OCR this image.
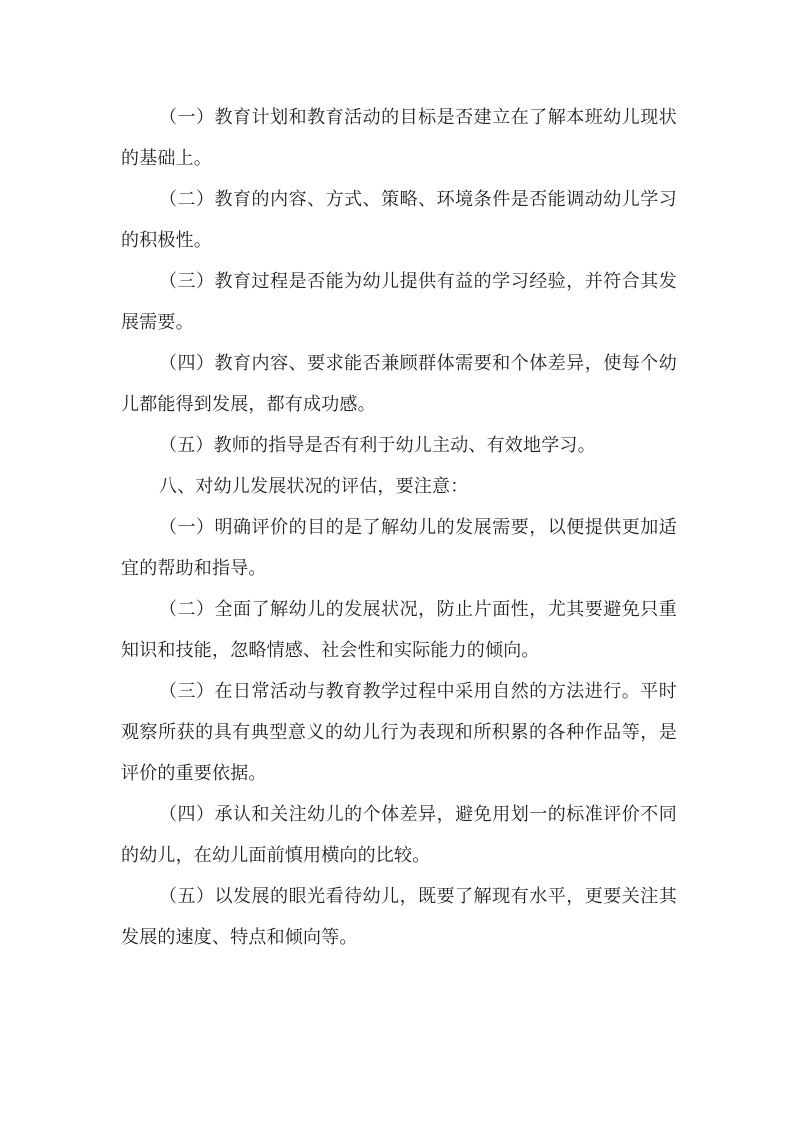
（一）教育计划和教育活动的目标是否建立在了解本班幼儿现状的基础上。

（二）教育的内容、方式、策略、环境条件是否能调动幼儿学习的积极性。

（三）教育过程是否能为幼儿提供有益的学习经验，并符合其发展需要。

（四）教育内容、要求能否兼顾群体需要和个体差异，使每个幼儿都能得到发展，都有成功感。

（五）教师的指导是否有利于幼儿主动、有效地学习。

八、对幼儿发展状况的评估，要注意：

（一）明确评价的目的是了解幼儿的发展需要，以便提供更加适宜的帮助和指导。

（二）全面了解幼儿的发展状况，防止片面性，尤其要避免只重知识和技能，忽略情感、社会性和实际能力的倾向。

（三）在日常活动与教育教学过程中采用自然的方法进行。平时观察所获的具有典型意义的幼儿行为表现和所积累的各种作品等，是评价的重要依据。

（四）承认和关注幼儿的个体差异，避免用划一的标准评价不同的幼儿，在幼儿面前慎用横向的比较。

（五）以发展的眼光看待幼儿，既要了解现有水平，更要关注其发展的速度、特点和倾向等。
